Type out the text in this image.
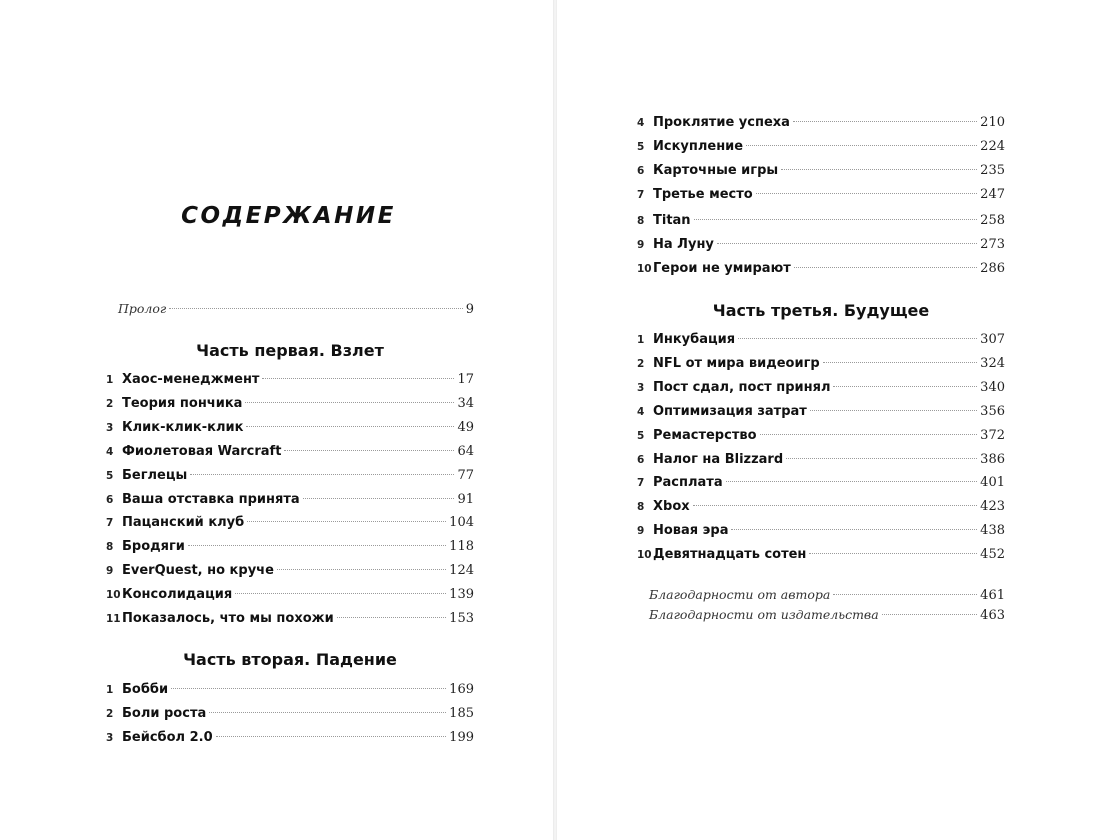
СОДЕРЖАНИЕ
Пролог	9
Часть первая. Взлет
1 Хаос-менеджмент	17
2 Теория пончика	34
3 Клик-клик-клик	49
4 Фиолетовая Warcraft	64
5 Беглецы	77
6 Ваша отставка принята	91
7 Пацанский клуб	104
8 Бродяги	118
9 EverQuest, но круче	124
10 Консолидация	139
11 Показалось, что мы похожи	153
Часть вторая. Падение
1 Бобби	169
2 Боли роста	185
3 Бейсбол 2.0	199
4 Проклятие успеха	210
5 Искупление	224
6 Карточные игры	235
7 Третье место	247
8 Titan	258
9 На Луну	273
10 Герои не умирают	286
Часть третья. Будущее
1 Инкубация	307
2 NFL от мира видеоигр	324
3 Пост сдал, пост принял	340
4 Оптимизация затрат	356
5 Ремастерство	372
6 Налог на Blizzard	386
7 Расплата	401
8 Xbox	423
9 Новая эра	438
10 Девятнадцать сотен	452
Благодарности от автора	461
Благодарности от издательства	463
